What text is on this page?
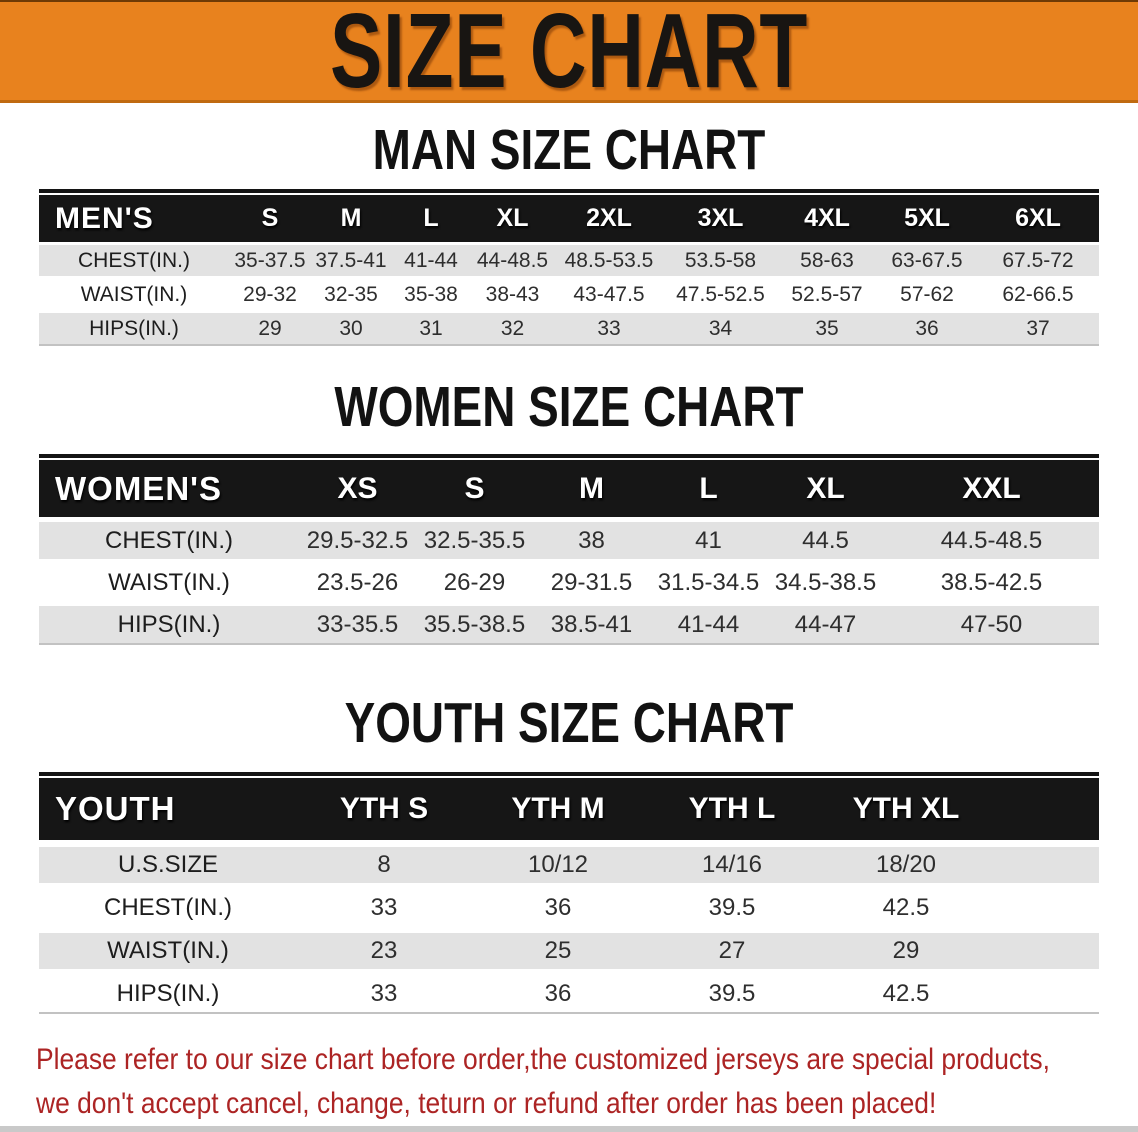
SIZE CHART
MAN SIZE CHART
MEN'S	S	M	L	XL	2XL	3XL	4XL	5XL	6XL
CHEST(IN.)	35-37.5 37.5-41 41-44 44-48.5 48.5-53.5	53.5-58	58-63	63-67.5	67.5-72
WAIST(IN.)	29-32	32-35	35-38	38-43	43-47.5	47.5-52.5	52.5-57	57-62	62-66.5
HIPS(IN.)	29	30	31	32	33	34	35	36	37
WOMEN SIZE CHART
WOMEN'S	XS	S	M	L	XL	XXL
CHEST(IN.)	29.5-32.5 32.5-35.5	38	41	44.5	44.5-48.5
WAIST(IN.)	23.5-26	26-29	29-31.5	31.5-34.5 34.5-38.5	38.5-42.5
HIPS(IN.)	33-35.5	35.5-38.5	38.5-41	41-44	44-47	47-50
YOUTH SIZE CHART
YOUTH	YTH S	YTH M	YTH L	YTH XL
U.S.SIZE	8	10/12	14/16	18/20
CHEST(IN.)	33	36	39.5	42.5
WAIST(IN.)	23	25	27	29
HIPS(IN.)	33	36	39.5	42.5
Please refer to our size chart before order,the customized jerseys are special products,
we don't accept cancel, change, teturn or refund after order has been placed!
